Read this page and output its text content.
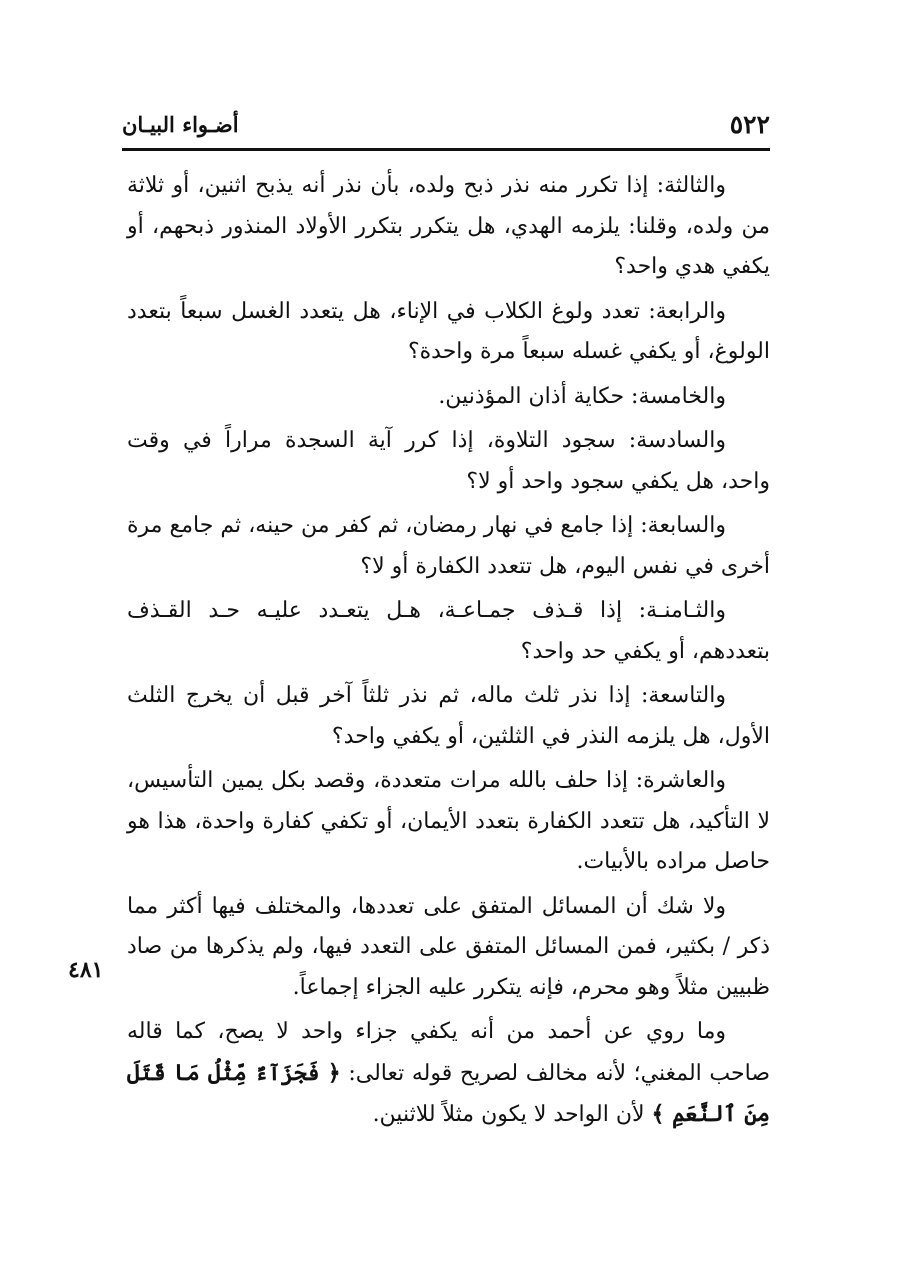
٥٢٢
أضـواء البيـان
٤٨١

والثالثة: إذا تكرر منه نذر ذبح ولده، بأن نذر أنه يذبح اثنين، أو ثلاثة من ولده، وقلنا: يلزمه الهدي، هل يتكرر بتكرر الأولاد المنذور ذبحهم، أو يكفي هدي واحد؟

والرابعة: تعدد ولوغ الكلاب في الإناء، هل يتعدد الغسل سبعاً بتعدد الولوغ، أو يكفي غسله سبعاً مرة واحدة؟

والخامسة: حكاية أذان المؤذنين.

والسادسة: سجود التلاوة، إذا كرر آية السجدة مراراً في وقت واحد، هل يكفي سجود واحد أو لا؟

والسابعة: إذا جامع في نهار رمضان، ثم كفر من حينه، ثم جامع مرة أخرى في نفس اليوم، هل تتعدد الكفارة أو لا؟

والثـامنـة: إذا قـذف جمـاعـة، هـل يتعـدد عليـه حـد القـذف بتعددهم، أو يكفي حد واحد؟

والتاسعة: إذا نذر ثلث ماله، ثم نذر ثلثاً آخر قبل أن يخرج الثلث الأول، هل يلزمه النذر في الثلثين، أو يكفي واحد؟

والعاشرة: إذا حلف بالله مرات متعددة، وقصد بكل يمين التأسيس، لا التأكيد، هل تتعدد الكفارة بتعدد الأيمان، أو تكفي كفارة واحدة، هذا هو حاصل مراده بالأبيات.

ولا شك أن المسائل المتفق على تعددها، والمختلف فيها أكثر مما ذكر / بكثير، فمن المسائل المتفق على التعدد فيها، ولم يذكرها من صاد ظبيين مثلاً وهو محرم، فإنه يتكرر عليه الجزاء إجماعاً.

وما روي عن أحمد من أنه يكفي جزاء واحد لا يصح، كما قاله صاحب المغني؛ لأنه مخالف لصريح قوله تعالى: ﴿ فَجَزَآءٌ مِّثْلُ مَا قَتَلَ مِنَ ٱلنَّعَمِ ﴾ لأن الواحد لا يكون مثلاً للاثنين.
